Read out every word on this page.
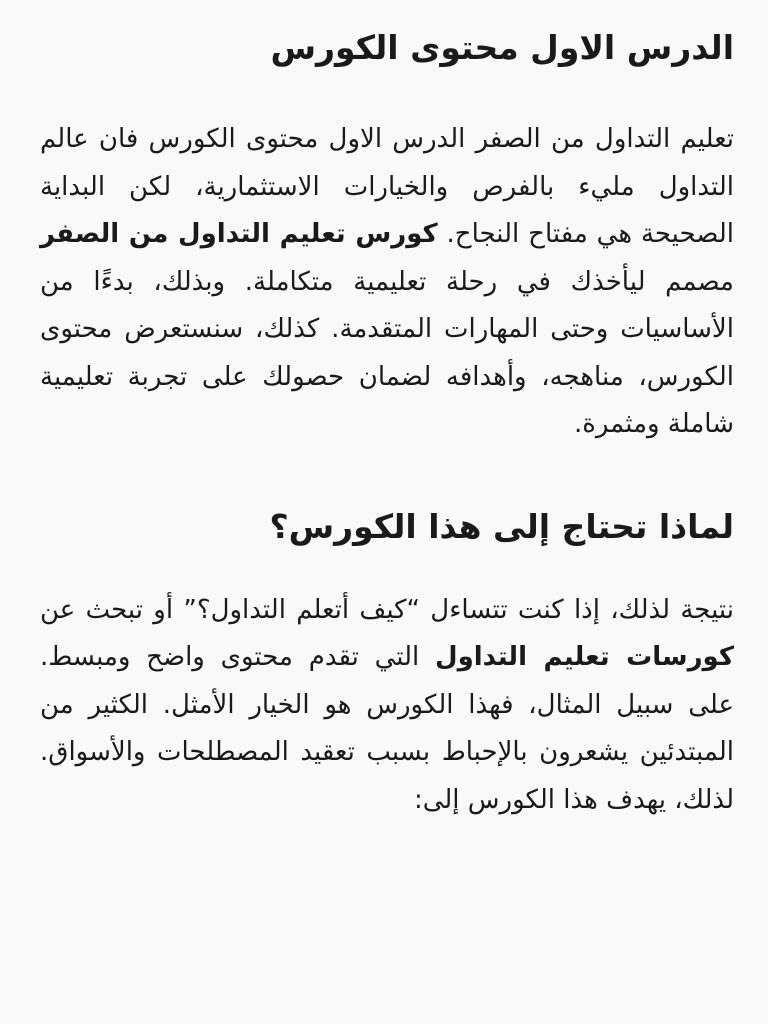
الدرس الاول محتوى الكورس

تعليم التداول من الصفر الدرس الاول محتوى الكورس فان عالم التداول مليء بالفرص والخيارات الاستثمارية، لكن البداية الصحيحة هي مفتاح النجاح. كورس تعليم التداول من الصفر مصمم ليأخذك في رحلة تعليمية متكاملة. وبذلك، بدءًا من الأساسيات وحتى المهارات المتقدمة. كذلك، سنستعرض محتوى الكورس، مناهجه، وأهدافه لضمان حصولك على تجربة تعليمية شاملة ومثمرة.

لماذا تحتاج إلى هذا الكورس؟

نتيجة لذلك، إذا كنت تتساءل “كيف أتعلم التداول؟” أو تبحث عن كورسات تعليم التداول التي تقدم محتوى واضح ومبسط. على سبيل المثال، فهذا الكورس هو الخيار الأمثل. الكثير من المبتدئين يشعرون بالإحباط بسبب تعقيد المصطلحات والأسواق. لذلك، يهدف هذا الكورس إلى:
